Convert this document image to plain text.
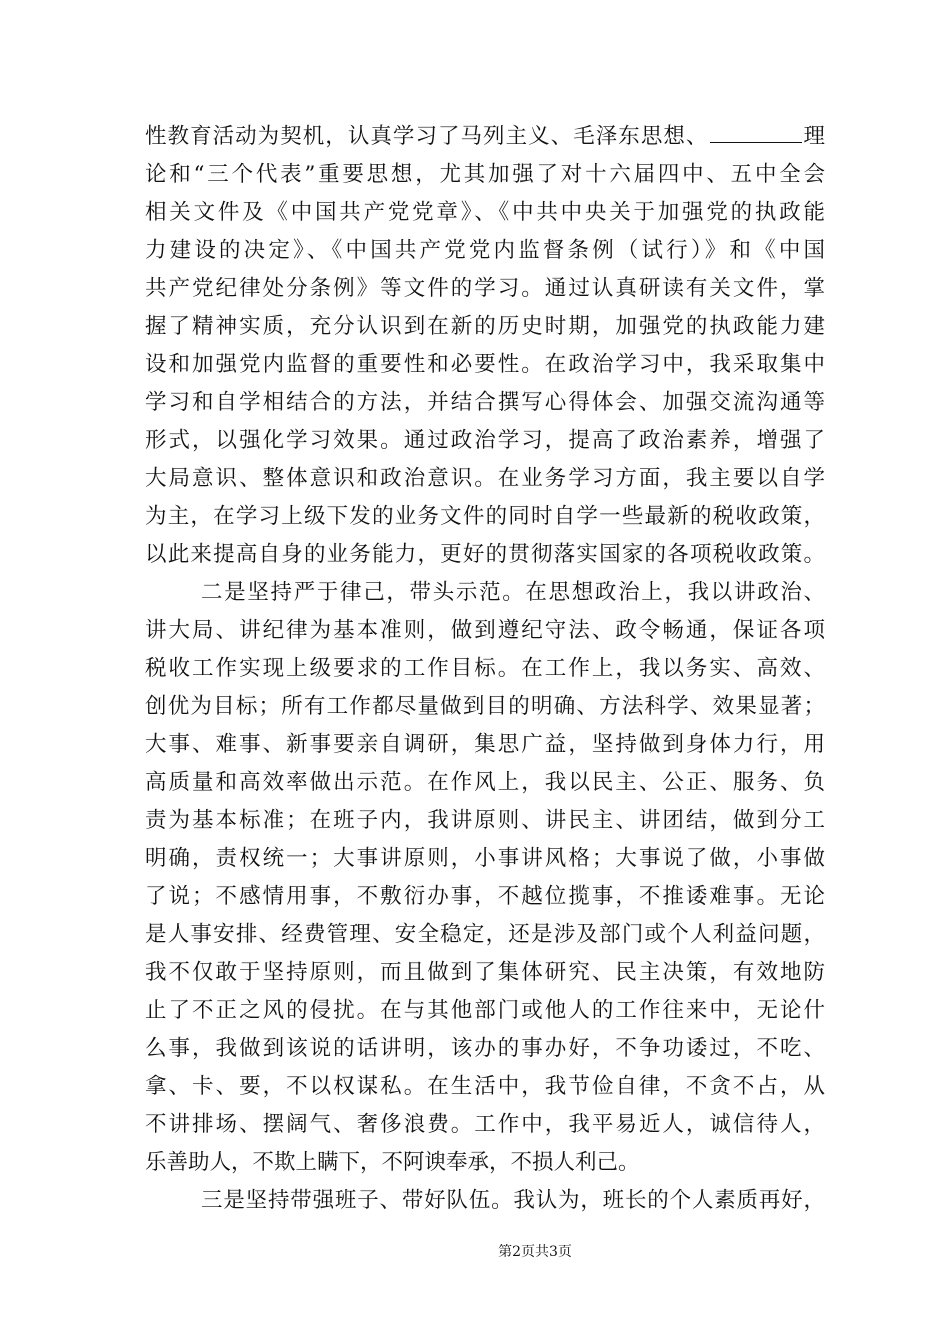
性教育活动为契机，认真学习了马列主义、毛泽东思想、	理
论和“三个代表”重要思想，尤其加强了对十六届四中、五中全会
相关文件及《中国共产党党章》、《中共中央关于加强党的执政能
力建设的决定》、《中国共产党党内监督条例（试行）》和《中国
共产党纪律处分条例》等文件的学习。通过认真研读有关文件，掌
握了精神实质，充分认识到在新的历史时期，加强党的执政能力建
设和加强党内监督的重要性和必要性。在政治学习中，我采取集中
学习和自学相结合的方法，并结合撰写心得体会、加强交流沟通等
形式，以强化学习效果。通过政治学习，提高了政治素养，增强了
大局意识、整体意识和政治意识。在业务学习方面，我主要以自学
为主，在学习上级下发的业务文件的同时自学一些最新的税收政策，
以此来提高自身的业务能力，更好的贯彻落实国家的各项税收政策。
二是坚持严于律己，带头示范。在思想政治上，我以讲政治、
讲大局、讲纪律为基本准则，做到遵纪守法、政令畅通，保证各项
税收工作实现上级要求的工作目标。在工作上，我以务实、高效、
创优为目标；所有工作都尽量做到目的明确、方法科学、效果显著；
大事、难事、新事要亲自调研，集思广益，坚持做到身体力行，用
高质量和高效率做出示范。在作风上，我以民主、公正、服务、负
责为基本标准；在班子内，我讲原则、讲民主、讲团结，做到分工
明确，责权统一；大事讲原则，小事讲风格；大事说了做，小事做
了说；不感情用事，不敷衍办事，不越位揽事，不推诿难事。无论
是人事安排、经费管理、安全稳定，还是涉及部门或个人利益问题，
我不仅敢于坚持原则，而且做到了集体研究、民主决策，有效地防
止了不正之风的侵扰。在与其他部门或他人的工作往来中，无论什
么事，我做到该说的话讲明，该办的事办好，不争功诿过，不吃、
拿、卡、要，不以权谋私。在生活中，我节俭自律，不贪不占，从
不讲排场、摆阔气、奢侈浪费。工作中，我平易近人，诚信待人，
乐善助人，不欺上瞒下，不阿谀奉承，不损人利己。
三是坚持带强班子、带好队伍。我认为，班长的个人素质再好，
第2页共3页
